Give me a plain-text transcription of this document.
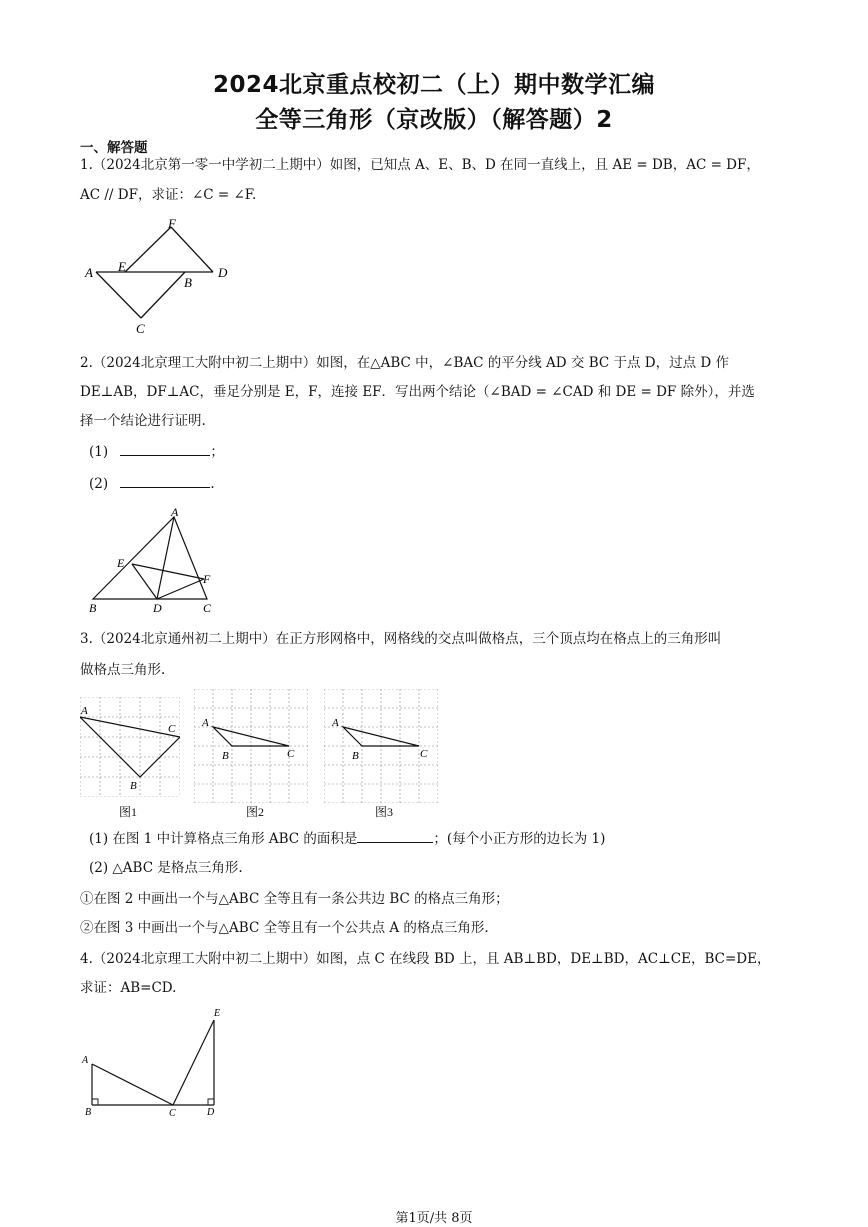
2024北京重点校初二（上）期中数学汇编
全等三角形（京改版）（解答题）2
一、解答题
1.（2024北京第一零一中学初二上期中）如图，已知点 A、E、B、D 在同一直线上，且 AE = DB，AC = DF，
AC // DF，求证：∠C = ∠F.
A E
B
D
C
F
2.（2024北京理工大附中初二上期中）如图，在△ABC 中，∠BAC 的平分线 AD 交 BC 于点 D，过点 D 作
DE⊥AB，DF⊥AC，垂足分别是 E，F，连接 EF．写出两个结论（∠BAD = ∠CAD 和 DE = DF 除外），并选
择一个结论进行证明.
(1)	；
(2)	.
A
E
F
B	D	C
3.（2024北京通州初二上期中）在正方形网格中，网格线的交点叫做格点，三个顶点均在格点上的三角形叫
做格点三角形.
A
C
B
图1
A
B	C
图2
A
B	C
图3
(1) 在图 1 中计算格点三角形 ABC 的面积是	；(每个小正方形的边长为 1)
(2) △ABC 是格点三角形.
①在图 2 中画出一个与△ABC 全等且有一条公共边 BC 的格点三角形；
②在图 3 中画出一个与△ABC 全等且有一个公共点 A 的格点三角形.
4.（2024北京理工大附中初二上期中）如图，点 C 在线段 BD 上，且 AB⊥BD，DE⊥BD，AC⊥CE，BC=DE，
求证：AB=CD.
A
B	C	D
E
第1页/共 8页
